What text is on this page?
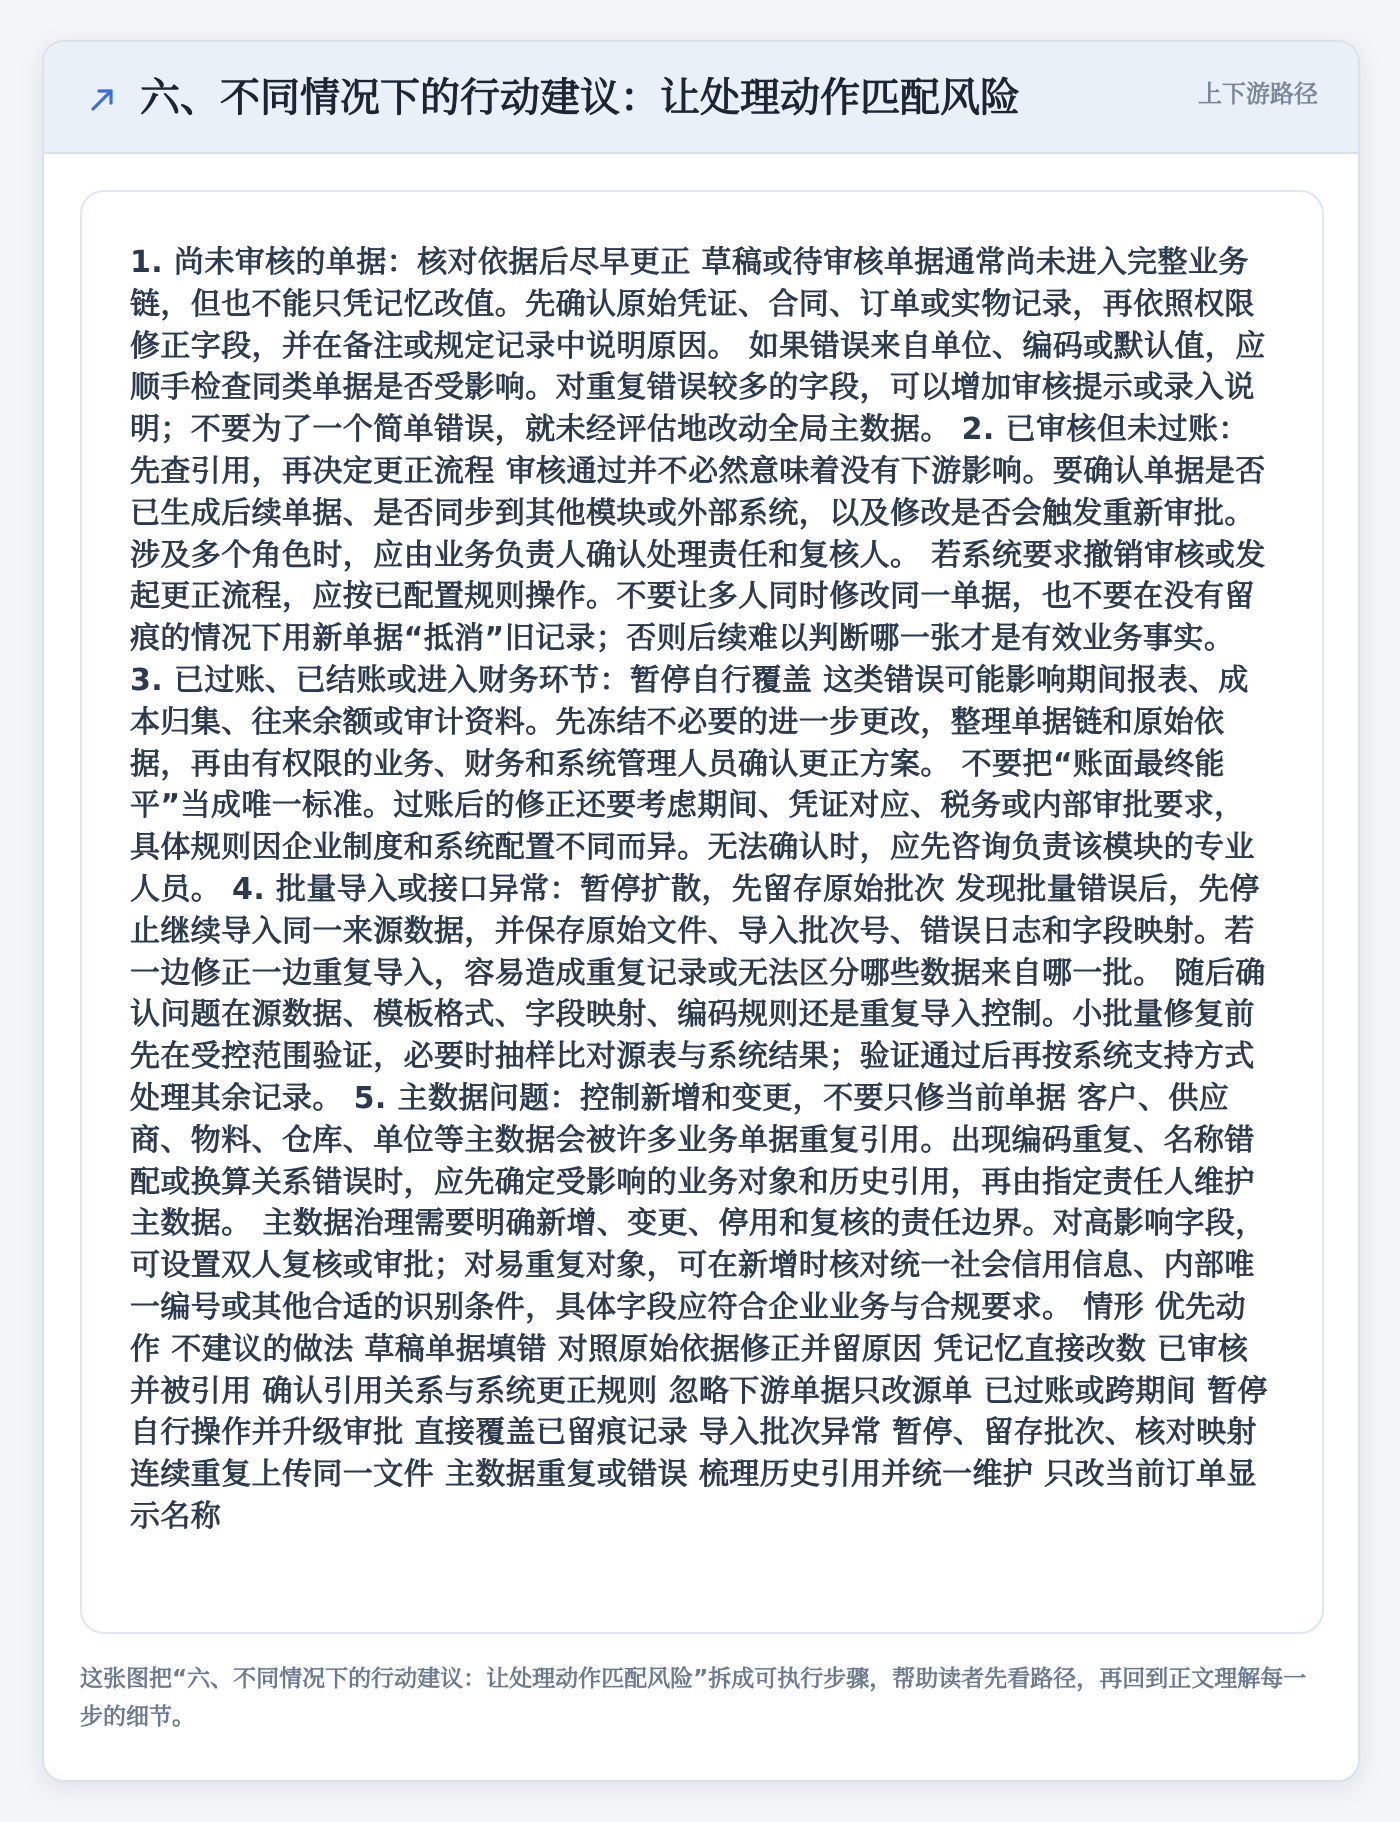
六、不同情况下的行动建议：让处理动作匹配风险	上下游路径

1. 尚未审核的单据：核对依据后尽早更正 草稿或待审核单据通常尚未进入完整业务链，但也不能只凭记忆改值。先确认原始凭证、合同、订单或实物记录，再依照权限修正字段，并在备注或规定记录中说明原因。 如果错误来自单位、编码或默认值，应顺手检查同类单据是否受影响。对重复错误较多的字段，可以增加审核提示或录入说明；不要为了一个简单错误，就未经评估地改动全局主数据。 2. 已审核但未过账：先查引用，再决定更正流程 审核通过并不必然意味着没有下游影响。要确认单据是否已生成后续单据、是否同步到其他模块或外部系统，以及修改是否会触发重新审批。涉及多个角色时，应由业务负责人确认处理责任和复核人。 若系统要求撤销审核或发起更正流程，应按已配置规则操作。不要让多人同时修改同一单据，也不要在没有留痕的情况下用新单据“抵消”旧记录；否则后续难以判断哪一张才是有效业务事实。 3. 已过账、已结账或进入财务环节：暂停自行覆盖 这类错误可能影响期间报表、成本归集、往来余额或审计资料。先冻结不必要的进一步更改，整理单据链和原始依据，再由有权限的业务、财务和系统管理人员确认更正方案。 不要把“账面最终能平”当成唯一标准。过账后的修正还要考虑期间、凭证对应、税务或内部审批要求，具体规则因企业制度和系统配置不同而异。无法确认时，应先咨询负责该模块的专业人员。 4. 批量导入或接口异常：暂停扩散，先留存原始批次 发现批量错误后，先停止继续导入同一来源数据，并保存原始文件、导入批次号、错误日志和字段映射。若一边修正一边重复导入，容易造成重复记录或无法区分哪些数据来自哪一批。 随后确认问题在源数据、模板格式、字段映射、编码规则还是重复导入控制。小批量修复前先在受控范围验证，必要时抽样比对源表与系统结果；验证通过后再按系统支持方式处理其余记录。 5. 主数据问题：控制新增和变更，不要只修当前单据 客户、供应商、物料、仓库、单位等主数据会被许多业务单据重复引用。出现编码重复、名称错配或换算关系错误时，应先确定受影响的业务对象和历史引用，再由指定责任人维护主数据。 主数据治理需要明确新增、变更、停用和复核的责任边界。对高影响字段，可设置双人复核或审批；对易重复对象，可在新增时核对统一社会信用信息、内部唯一编号或其他合适的识别条件，具体字段应符合企业业务与合规要求。 情形 优先动作 不建议的做法 草稿单据填错 对照原始依据修正并留原因 凭记忆直接改数 已审核并被引用 确认引用关系与系统更正规则 忽略下游单据只改源单 已过账或跨期间 暂停自行操作并升级审批 直接覆盖已留痕记录 导入批次异常 暂停、留存批次、核对映射 连续重复上传同一文件 主数据重复或错误 梳理历史引用并统一维护 只改当前订单显示名称

这张图把“六、不同情况下的行动建议：让处理动作匹配风险”拆成可执行步骤，帮助读者先看路径，再回到正文理解每一步的细节。
